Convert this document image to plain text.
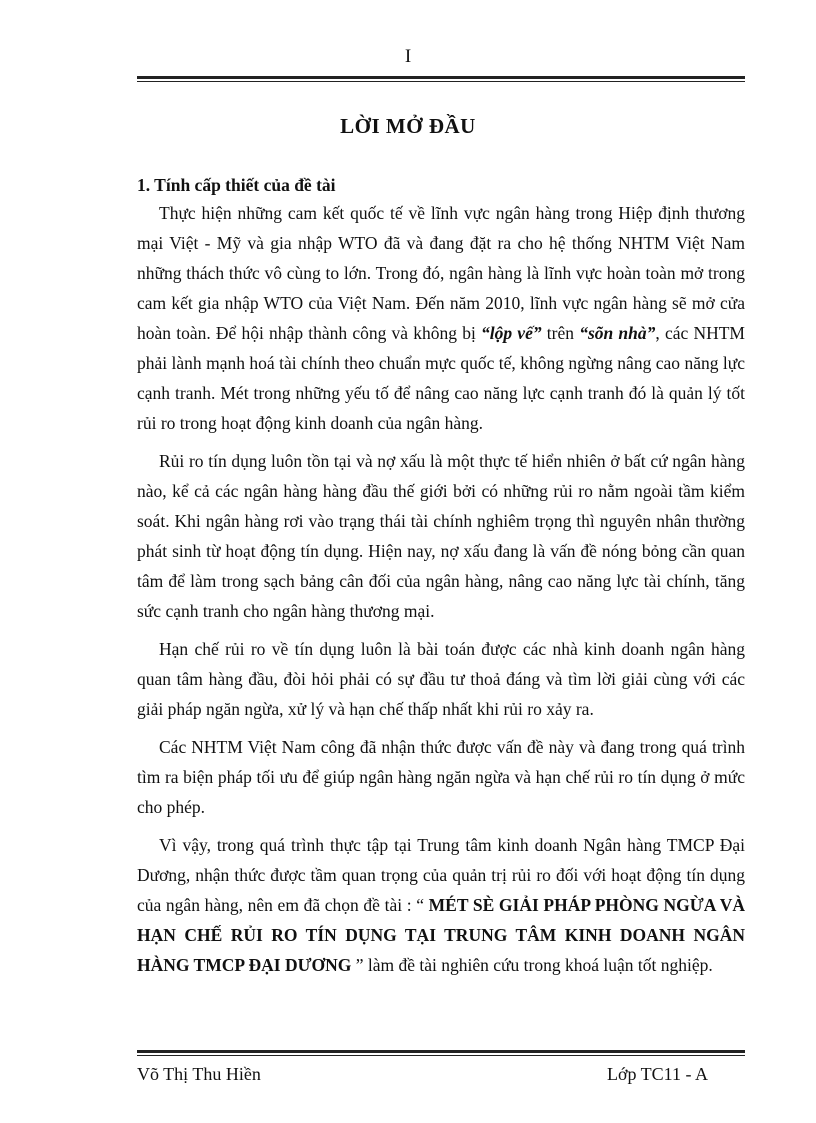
I
LỜI MỞ ĐẦU

1. Tính cấp thiết của đề tài

Thực hiện những cam kết quốc tế về lĩnh vực ngân hàng trong Hiệp định thương mại Việt - Mỹ và gia nhập WTO đã và đang đặt ra cho hệ thống NHTM Việt Nam những thách thức vô cùng to lớn. Trong đó, ngân hàng là lĩnh vực hoàn toàn mở trong cam kết gia nhập WTO của Việt Nam. Đến năm 2010, lĩnh vực ngân hàng sẽ mở cửa hoàn toàn. Để hội nhập thành công và không bị “lộp vế” trên “sõn nhà”, các NHTM phải lành mạnh hoá tài chính theo chuẩn mực quốc tế, không ngừng nâng cao năng lực cạnh tranh. Mét trong những yếu tố để nâng cao năng lực cạnh tranh đó là quản lý tốt rủi ro trong hoạt động kinh doanh của ngân hàng.

Rủi ro tín dụng luôn tồn tại và nợ xấu là một thực tế hiển nhiên ở bất cứ ngân hàng nào, kể cả các ngân hàng hàng đầu thế giới bởi có những rủi ro nằm ngoài tầm kiểm soát. Khi ngân hàng rơi vào trạng thái tài chính nghiêm trọng thì nguyên nhân thường phát sinh từ hoạt động tín dụng. Hiện nay, nợ xấu đang là vấn đề nóng bỏng cần quan tâm để làm trong sạch bảng cân đối của ngân hàng, nâng cao năng lực tài chính, tăng sức cạnh tranh cho ngân hàng thương mại.

Hạn chế rủi ro về tín dụng luôn là bài toán được các nhà kinh doanh ngân hàng quan tâm hàng đầu, đòi hỏi phải có sự đầu tư thoả đáng và tìm lời giải cùng với các giải pháp ngăn ngừa, xử lý và hạn chế thấp nhất khi rủi ro xảy ra.

Các NHTM Việt Nam công đã nhận thức được vấn đề này và đang trong quá trình tìm ra biện pháp tối ưu để giúp ngân hàng ngăn ngừa và hạn chế rủi ro tín dụng ở mức cho phép.

Vì vậy, trong quá trình thực tập tại Trung tâm kinh doanh Ngân hàng TMCP Đại Dương, nhận thức được tầm quan trọng của quản trị rủi ro đối với hoạt động tín dụng của ngân hàng, nên em đã chọn đề tài : “ MÉT SÈ GIẢI PHÁP PHÒNG NGỪA VÀ HẠN CHẾ RỦI RO TÍN DỤNG TẠI TRUNG TÂM KINH DOANH NGÂN HÀNG TMCP ĐẠI DƯƠNG ” làm đề tài nghiên cứu trong khoá luận tốt nghiệp.

Võ Thị Thu Hiền	Lớp TC11 - A
